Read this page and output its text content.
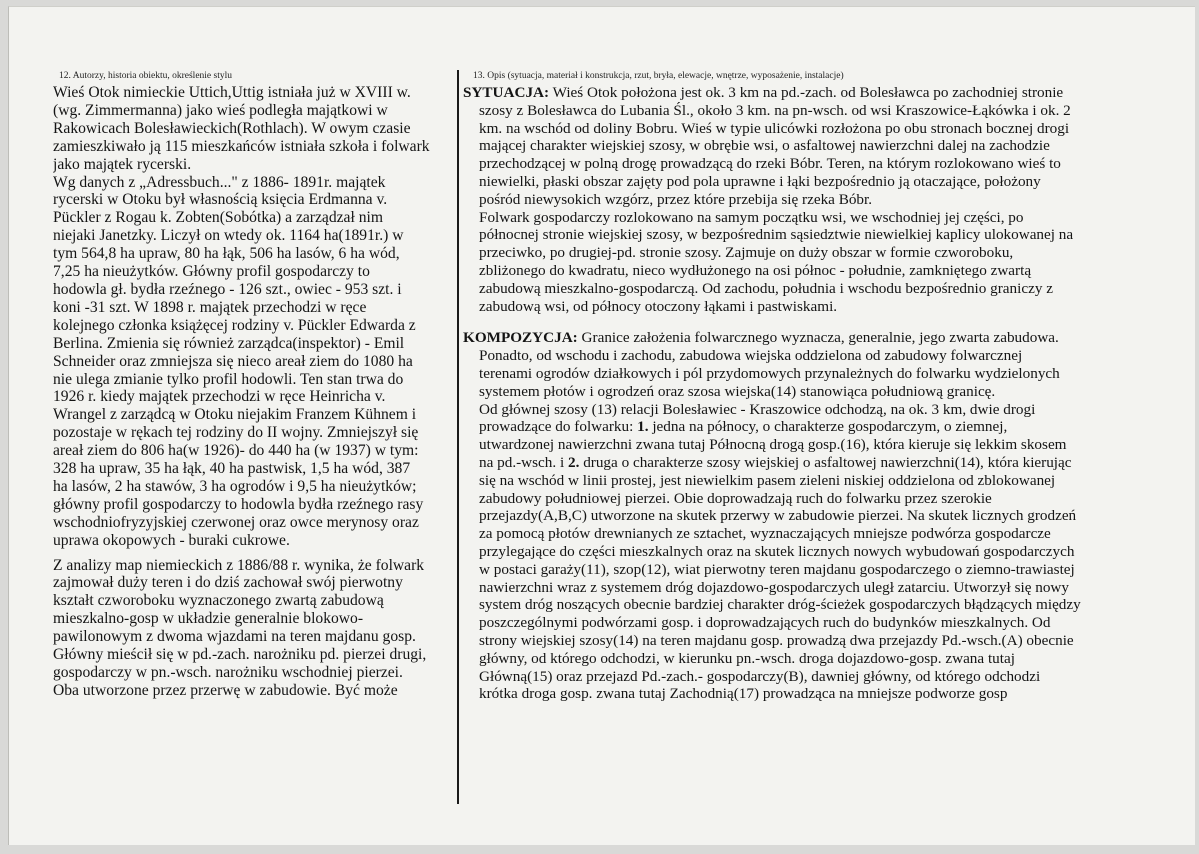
12. Autorzy, historia obiektu, określenie stylu
Wieś Otok nimieckie Uttich,Uttig istniała już w XVIII w.
(wg. Zimmermanna) jako wieś podległa majątkowi w
Rakowicach Bolesławieckich(Rothlach). W owym czasie
zamieszkiwało ją 115 mieszkańców istniała szkoła i folwark
jako majątek rycerski.
Wg danych z „Adressbuch..." z 1886- 1891r. majątek
rycerski w Otoku był własnością księcia Erdmanna v.
Pückler z Rogau k. Zobten(Sobótka) a zarządzał nim
niejaki Janetzky. Liczył on wtedy ok. 1164 ha(1891r.) w
tym 564,8 ha upraw, 80 ha łąk, 506 ha lasów, 6 ha wód,
7,25 ha nieużytków. Główny profil gospodarczy to
hodowla gł. bydła rzeźnego - 126 szt., owiec - 953 szt. i
koni -31 szt. W 1898 r. majątek przechodzi w ręce
kolejnego członka książęcej rodziny v. Pückler Edwarda z
Berlina. Zmienia się również zarządca(inspektor) - Emil
Schneider oraz zmniejsza się nieco areał ziem do 1080 ha
nie ulega zmianie tylko profil hodowli. Ten stan trwa do
1926 r. kiedy majątek przechodzi w ręce Heinricha v.
Wrangel z zarządcą w Otoku niejakim Franzem Kühnem i
pozostaje w rękach tej rodziny do II wojny. Zmniejszył się
areał ziem do 806 ha(w 1926)- do 440 ha (w 1937) w tym:
328 ha upraw, 35 ha łąk, 40 ha pastwisk, 1,5 ha wód, 387
ha lasów, 2 ha stawów, 3 ha ogrodów i 9,5 ha nieużytków;
główny profil gospodarczy to hodowla bydła rzeźnego rasy
wschodniofryzyjskiej czerwonej oraz owce merynosy oraz
uprawa okopowych - buraki cukrowe.
Z analizy map niemieckich z 1886/88 r. wynika, że folwark
zajmował duży teren i do dziś zachował swój pierwotny
kształt czworoboku wyznaczonego zwartą zabudową
mieszkalno-gosp w układzie generalnie blokowo-
pawilonowym z dwoma wjazdami na teren majdanu gosp.
Główny mieścił się w pd.-zach. narożniku pd. pierzei drugi,
gospodarczy w pn.-wsch. narożniku wschodniej pierzei.
Oba utworzone przez przerwę w zabudowie. Być może
13. Opis (sytuacja, materiał i konstrukcja, rzut, bryła, elewacje, wnętrze, wyposażenie, instalacje)
SYTUACJA: Wieś Otok położona jest ok. 3 km na pd.-zach. od Bolesławca po zachodniej stronie
szosy z Bolesławca do Lubania Śl., około 3 km. na pn-wsch. od wsi Kraszowice-Łąkówka i ok. 2
km. na wschód od doliny Bobru. Wieś w typie ulicówki rozłożona po obu stronach bocznej drogi
mającej charakter wiejskiej szosy, w obrębie wsi, o asfaltowej nawierzchni dalej na zachodzie
przechodzącej w polną drogę prowadzącą do rzeki Bóbr. Teren, na którym rozlokowano wieś to
niewielki, płaski obszar zajęty pod pola uprawne i łąki bezpośrednio ją otaczające, położony
pośród niewysokich wzgórz, przez które przebija się rzeka Bóbr.
Folwark gospodarczy rozlokowano na samym początku wsi, we wschodniej jej części, po
północnej stronie wiejskiej szosy, w bezpośrednim sąsiedztwie niewielkiej kaplicy ulokowanej na
przeciwko, po drugiej-pd. stronie szosy. Zajmuje on duży obszar w formie czworoboku,
zbliżonego do kwadratu, nieco wydłużonego na osi północ - południe, zamkniętego zwartą
zabudową mieszkalno-gospodarczą. Od zachodu, południa i wschodu bezpośrednio graniczy z
zabudową wsi, od północy otoczony łąkami i pastwiskami.
KOMPOZYCJA: Granice założenia folwarcznego wyznacza, generalnie, jego zwarta zabudowa.
Ponadto, od wschodu i zachodu, zabudowa wiejska oddzielona od zabudowy folwarcznej
terenami ogrodów działkowych i pól przydomowych przynależnych do folwarku wydzielonych
systemem płotów i ogrodzeń oraz szosa wiejska(14) stanowiąca południową granicę.
Od głównej szosy (13) relacji Bolesławiec - Kraszowice odchodzą, na ok. 3 km, dwie drogi
prowadzące do folwarku: 1. jedna na północy, o charakterze gospodarczym, o ziemnej,
utwardzonej nawierzchni zwana tutaj Północną drogą gosp.(16), która kieruje się lekkim skosem
na pd.-wsch. i 2. druga o charakterze szosy wiejskiej o asfaltowej nawierzchni(14), która kierując
się na wschód w linii prostej, jest niewielkim pasem zieleni niskiej oddzielona od zblokowanej
zabudowy południowej pierzei. Obie doprowadzają ruch do folwarku przez szerokie
przejazdy(A,B,C) utworzone na skutek przerwy w zabudowie pierzei. Na skutek licznych grodzeń
za pomocą płotów drewnianych ze sztachet, wyznaczających mniejsze podwórza gospodarcze
przylegające do części mieszkalnych oraz na skutek licznych nowych wybudowań gospodarczych
w postaci garaży(11), szop(12), wiat pierwotny teren majdanu gospodarczego o ziemno-trawiastej
nawierzchni wraz z systemem dróg dojazdowo-gospodarczych uległ zatarciu. Utworzył się nowy
system dróg noszących obecnie bardziej charakter dróg-ścieżek gospodarczych błądzących między
poszczególnymi podwórzami gosp. i doprowadzających ruch do budynków mieszkalnych. Od
strony wiejskiej szosy(14) na teren majdanu gosp. prowadzą dwa przejazdy Pd.-wsch.(A) obecnie
główny, od którego odchodzi, w kierunku pn.-wsch. droga dojazdowo-gosp. zwana tutaj
Główną(15) oraz przejazd Pd.-zach.- gospodarczy(B), dawniej główny, od którego odchodzi
krótka droga gosp. zwana tutaj Zachodnią(17) prowadząca na mniejsze podworze gosp
